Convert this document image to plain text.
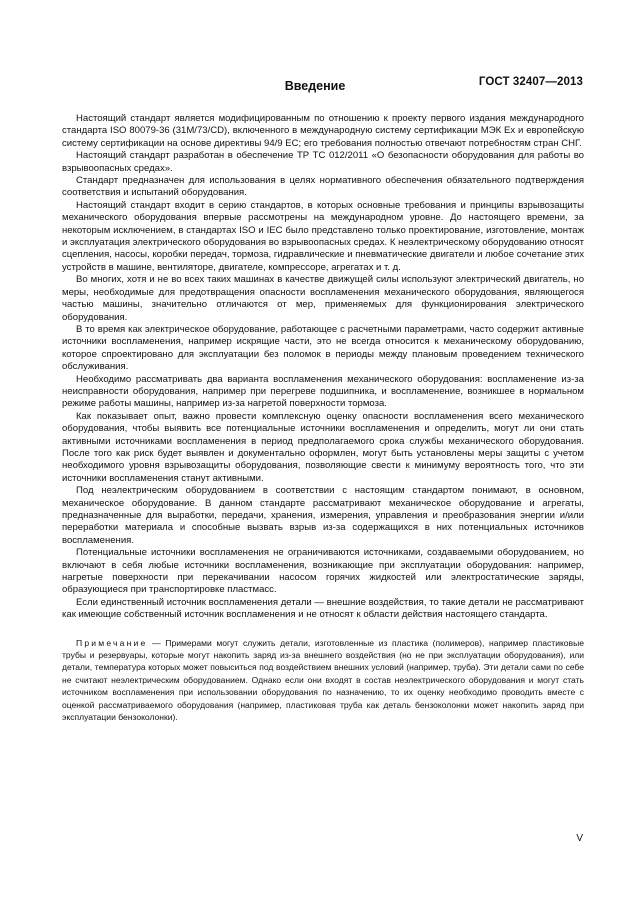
ГОСТ 32407—2013
Введение

Настоящий стандарт является модифицированным по отношению к проекту первого издания международного стандарта ISO 80079-36 (31M/73/CD), включенного в международную систему сертификации МЭК Ex и европейскую систему сертификации на основе директивы 94/9 EC; его требования полностью отвечают потребностям стран СНГ.

Настоящий стандарт разработан в обеспечение ТР ТС 012/2011 «О безопасности оборудования для работы во взрывоопасных средах».

Стандарт предназначен для использования в целях нормативного обеспечения обязательного подтверждения соответствия и испытаний оборудования.

Настоящий стандарт входит в серию стандартов, в которых основные требования и принципы взрывозащиты механического оборудования впервые рассмотрены на международном уровне. До настоящего времени, за некоторым исключением, в стандартах ISO и IEC было представлено только проектирование, изготовление, монтаж и эксплуатация электрического оборудования во взрывоопасных средах. К неэлектрическому оборудованию относят сцепления, насосы, коробки передач, тормоза, гидравлические и пневматические двигатели и любое сочетание этих устройств в машине, вентиляторе, двигателе, компрессоре, агрегатах и т. д.

Во многих, хотя и не во всех таких машинах в качестве движущей силы используют электрический двигатель, но меры, необходимые для предотвращения опасности воспламенения механического оборудования, являющегося частью машины, значительно отличаются от мер, применяемых для функционирования электрического оборудования.

В то время как электрическое оборудование, работающее с расчетными параметрами, часто содержит активные источники воспламенения, например искрящие части, это не всегда относится к механическому оборудованию, которое спроектировано для эксплуатации без поломок в периоды между плановым проведением технического обслуживания.

Необходимо рассматривать два варианта воспламенения механического оборудования: воспламенение из-за неисправности оборудования, например при перегреве подшипника, и воспламенение, возникшее в нормальном режиме работы машины, например из-за нагретой поверхности тормоза.

Как показывает опыт, важно провести комплексную оценку опасности воспламенения всего механического оборудования, чтобы выявить все потенциальные источники воспламенения и определить, могут ли они стать активными источниками воспламенения в период предполагаемого срока службы механического оборудования. После того как риск будет выявлен и документально оформлен, могут быть установлены меры защиты с учетом необходимого уровня взрывозащиты оборудования, позволяющие свести к минимуму вероятность того, что эти источники воспламенения станут активными.

Под неэлектрическим оборудованием в соответствии с настоящим стандартом понимают, в основном, механическое оборудование. В данном стандарте рассматривают механическое оборудование и агрегаты, предназначенные для выработки, передачи, хранения, измерения, управления и преобразования энергии и/или переработки материала и способные вызвать взрыв из-за содержащихся в них потенциальных источников воспламенения.

Потенциальные источники воспламенения не ограничиваются источниками, создаваемыми оборудованием, но включают в себя любые источники воспламенения, возникающие при эксплуатации оборудования: например, нагретые поверхности при перекачивании насосом горячих жидкостей или электростатические заряды, образующиеся при транспортировке пластмасс.

Если единственный источник воспламенения детали — внешние воздействия, то такие детали не рассматривают как имеющие собственный источник воспламенения и не относят к области действия настоящего стандарта.

Примечание — Примерами могут служить детали, изготовленные из пластика (полимеров), например пластиковые трубы и резервуары, которые могут накопить заряд из-за внешнего воздействия (но не при эксплуатации оборудования), или детали, температура которых может повыситься под воздействием внешних условий (например, труба). Эти детали сами по себе не считают неэлектрическим оборудованием. Однако если они входят в состав неэлектрического оборудования и могут стать источником воспламенения при использовании оборудования по назначению, то их оценку необходимо проводить вместе с оценкой рассматриваемого оборудования (например, пластиковая труба как деталь бензоколонки может накопить заряд при эксплуатации бензоколонки).

V
